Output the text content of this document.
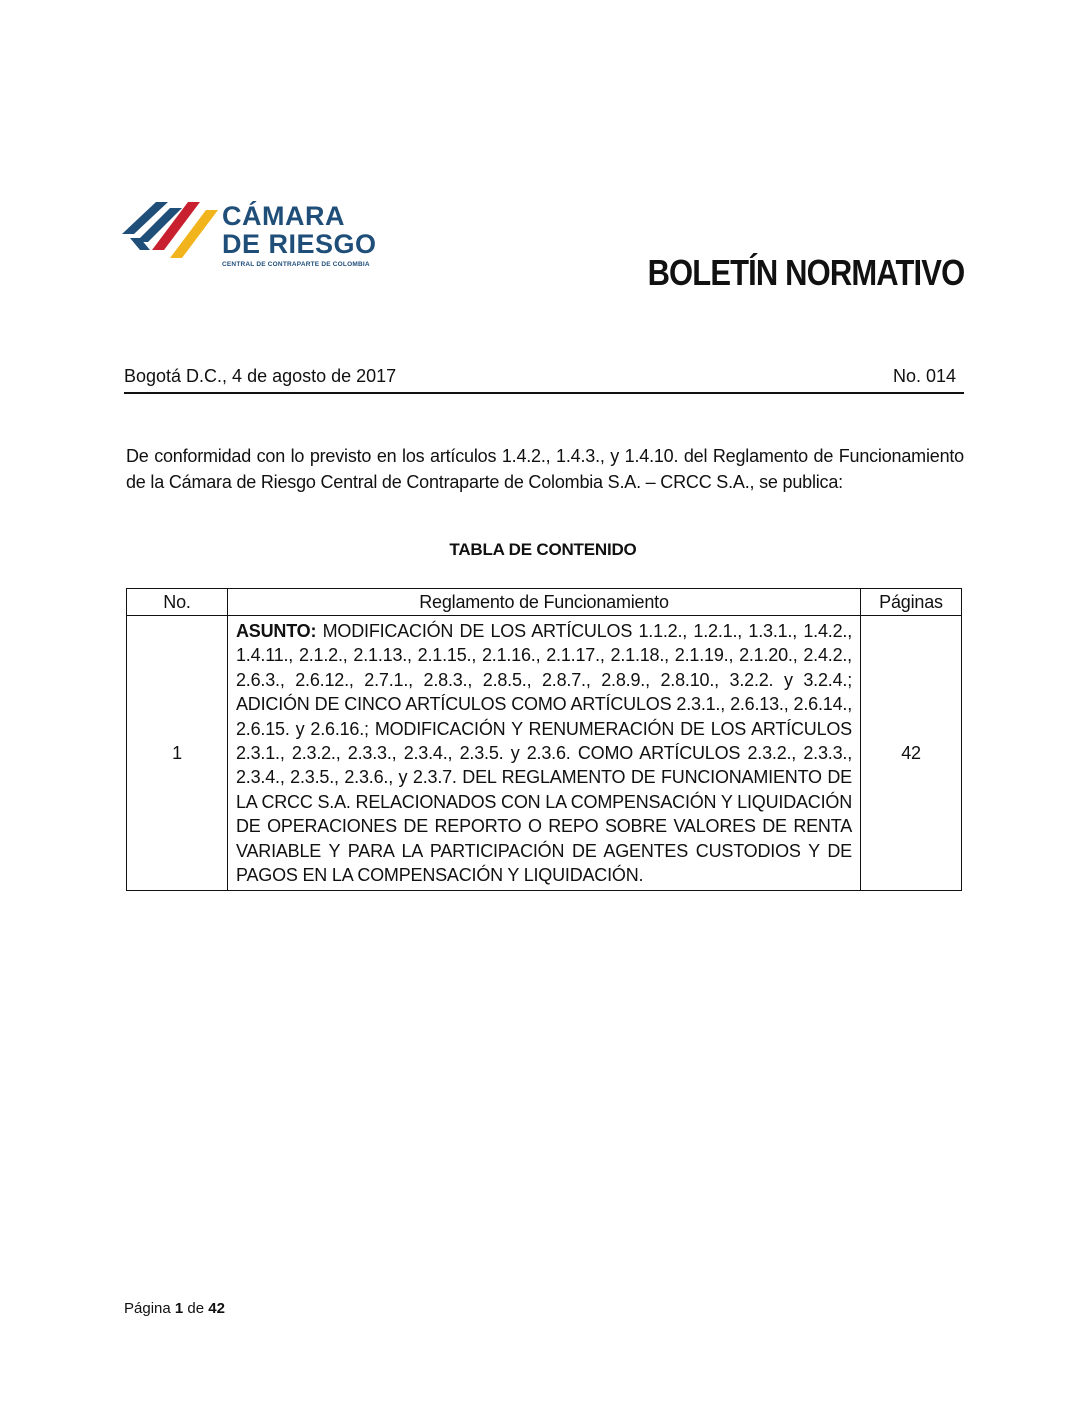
CÁMARA
DE RIESGO
CENTRAL DE CONTRAPARTE DE COLOMBIA	BOLETÍN NORMATIVO
Bogotá D.C., 4 de agosto de 2017	No. 014
De conformidad con lo previsto en los artículos 1.4.2., 1.4.3., y 1.4.10. del Reglamento de Funcionamiento de la Cámara de Riesgo Central de Contraparte de Colombia S.A. – CRCC S.A., se publica:
TABLA DE CONTENIDO
No.	Reglamento de Funcionamiento	Páginas
1	ASUNTO: MODIFICACIÓN DE LOS ARTÍCULOS 1.1.2., 1.2.1., 1.3.1., 1.4.2., 1.4.11., 2.1.2., 2.1.13., 2.1.15., 2.1.16., 2.1.17., 2.1.18., 2.1.19., 2.1.20., 2.4.2., 2.6.3., 2.6.12., 2.7.1., 2.8.3., 2.8.5., 2.8.7., 2.8.9., 2.8.10., 3.2.2. y 3.2.4.; ADICIÓN DE CINCO ARTÍCULOS COMO ARTÍCULOS 2.3.1., 2.6.13., 2.6.14., 2.6.15. y 2.6.16.; MODIFICACIÓN Y RENUMERACIÓN DE LOS ARTÍCULOS 2.3.1., 2.3.2., 2.3.3., 2.3.4., 2.3.5. y 2.3.6. COMO ARTÍCULOS 2.3.2., 2.3.3., 2.3.4., 2.3.5., 2.3.6., y 2.3.7. DEL REGLAMENTO DE FUNCIONAMIENTO DE LA CRCC S.A. RELACIONADOS CON LA COMPENSACIÓN Y LIQUIDACIÓN DE OPERACIONES DE REPORTO O REPO SOBRE VALORES DE RENTA VARIABLE Y PARA LA PARTICIPACIÓN DE AGENTES CUSTODIOS Y DE PAGOS EN LA COMPENSACIÓN Y LIQUIDACIÓN.	42
Página 1 de 42
